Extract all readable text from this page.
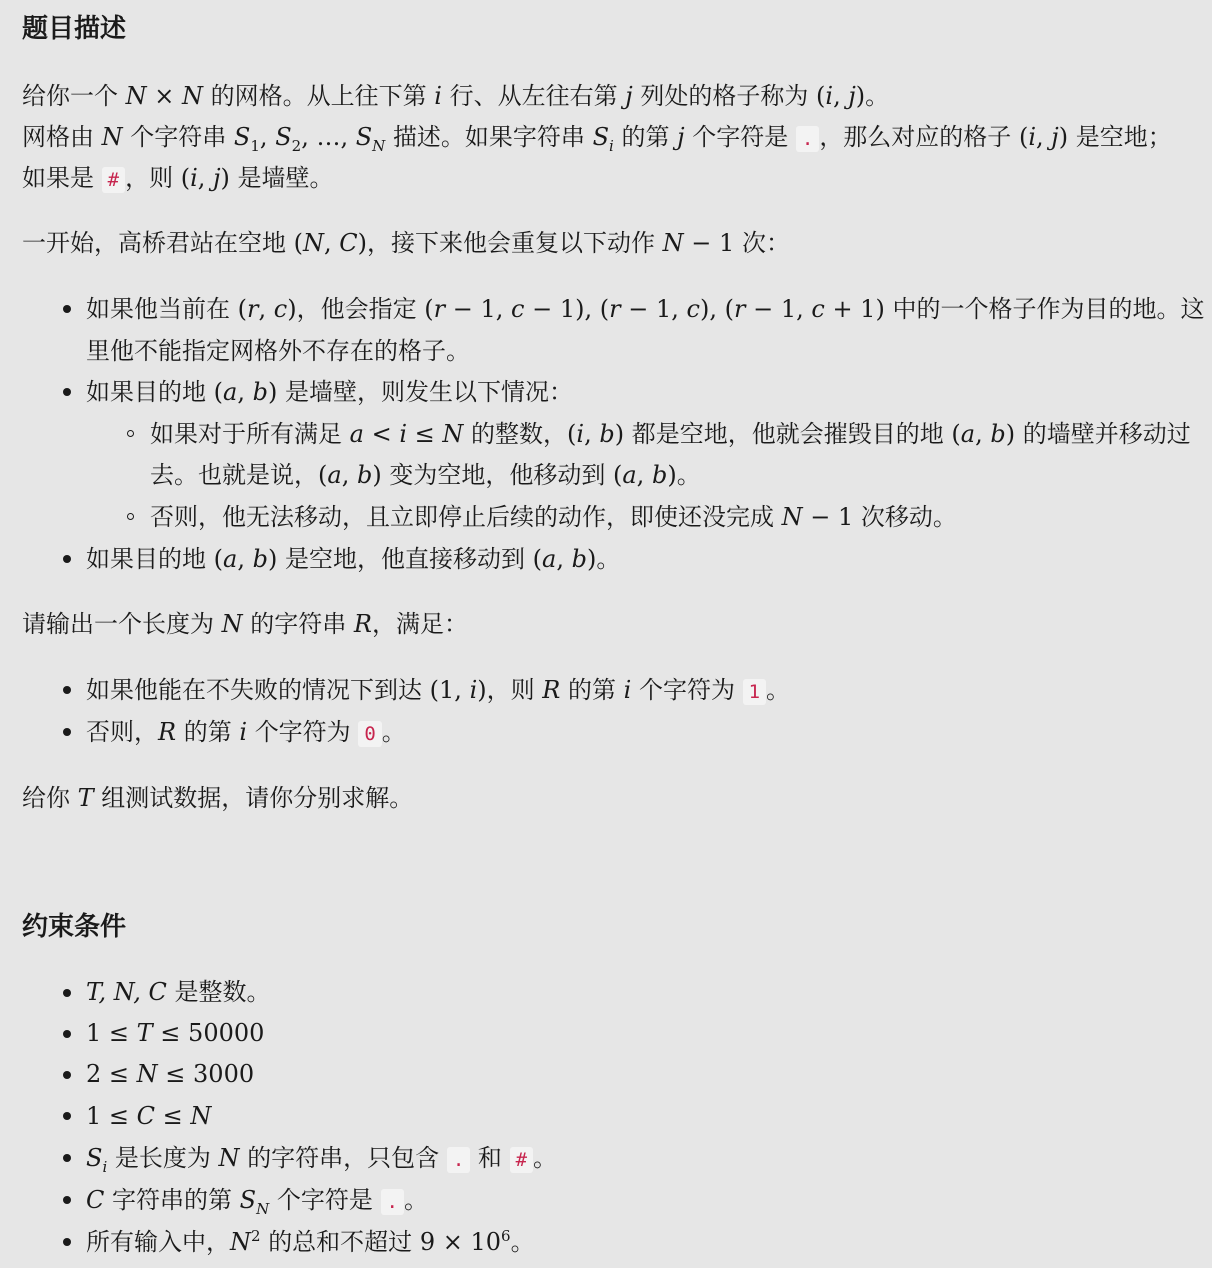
题目描述
给你一个 N × N 的网格。从上往下第 i 行、从左往右第 j 列处的格子称为 (i, j)。
网格由 N 个字符串 $S_1$, $S_2$, …, $S_N$ 描述。如果字符串 $S_i$ 的第 j 个字符是 . ，那么对应的格子 (i, j) 是空地；
如果是 # ，则 (i, j) 是墙壁。
一开始，高桥君站在空地 (N, C)，接下来他会重复以下动作 N − 1 次：
如果他当前在 (r, c)，他会指定 (r − 1, c − 1), (r − 1, c), (r − 1, c + 1) 中的一个格子作为目的地。这
里他不能指定网格外不存在的格子。
如果目的地 (a, b) 是墙壁，则发生以下情况：
如果对于所有满足 a < i ≤ N 的整数，(i, b) 都是空地，他就会摧毁目的地 (a, b) 的墙壁并移动过
去。也就是说，(a, b) 变为空地，他移动到 (a, b)。
否则，他无法移动，且立即停止后续的动作，即使还没完成 N − 1 次移动。
如果目的地 (a, b) 是空地，他直接移动到 (a, b)。
请输出一个长度为 N 的字符串 R，满足：
如果他能在不失败的情况下到达 (1, i)，则 R 的第 i 个字符为 1 。
否则，R 的第 i 个字符为 0 。
给你 T 组测试数据，请你分别求解。
约束条件
T, N, C 是整数。
1 ≤ T ≤ 50000
2 ≤ N ≤ 3000
1 ≤ C ≤ N
$S_i$ 是长度为 N 的字符串，只包含 . 和 # 。
C 字符串的第 $S_N$ 个字符是 . 。
所有输入中，$N^2$ 的总和不超过 $9 \times 10^6$。
